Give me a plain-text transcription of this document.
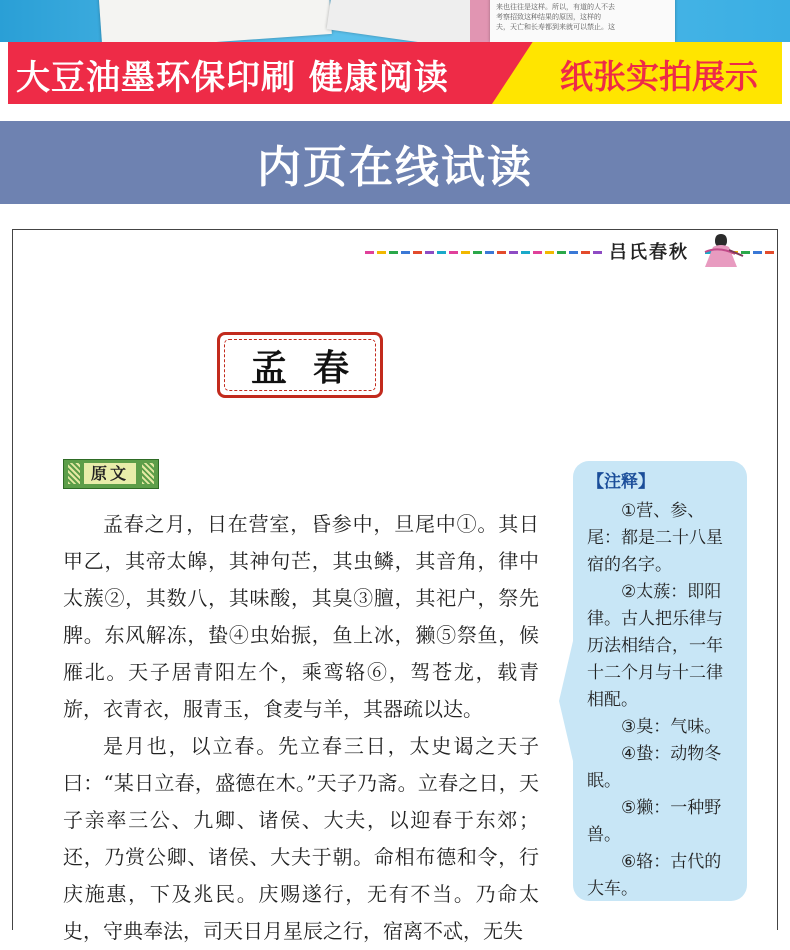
来也往往是这样。所以，有道的人不去
考察招致这种结果的原因，这样的
夫，天亡和长寿都到来就可以禁止。这
大豆油墨环保印刷 健康阅读	纸张实拍展示
内页在线试读
吕氏春秋
孟春
原文

孟春之月，日在营室，昏参中，旦尾中①。其日甲乙，其帝太皞，其神句芒，其虫鳞，其音角，律中太蔟②，其数八，其味酸，其臭③膻，其祀户，祭先脾。东风解冻，蛰④虫始振，鱼上冰，獭⑤祭鱼，候雁北。天子居青阳左个，乘鸾辂⑥，驾苍龙，载青旂，衣青衣，服青玉，食麦与羊，其器疏以达。

是月也，以立春。先立春三日，太史谒之天子曰：“某日立春，盛德在木。”天子乃斋。立春之日，天子亲率三公、九卿、诸侯、大夫，以迎春于东郊；还，乃赏公卿、诸侯、大夫于朝。命相布德和令，行庆施惠，下及兆民。庆赐遂行，无有不当。乃命太史，守典奉法，司天日月星辰之行，宿离不忒，无失

【注释】

①营、参、尾：都是二十八星宿的名字。

②太蔟：即阳律。古人把乐律与历法相结合，一年十二个月与十二律相配。

③臭：气味。

④蛰：动物冬眠。

⑤獭：一种野兽。

⑥辂：古代的大车。
